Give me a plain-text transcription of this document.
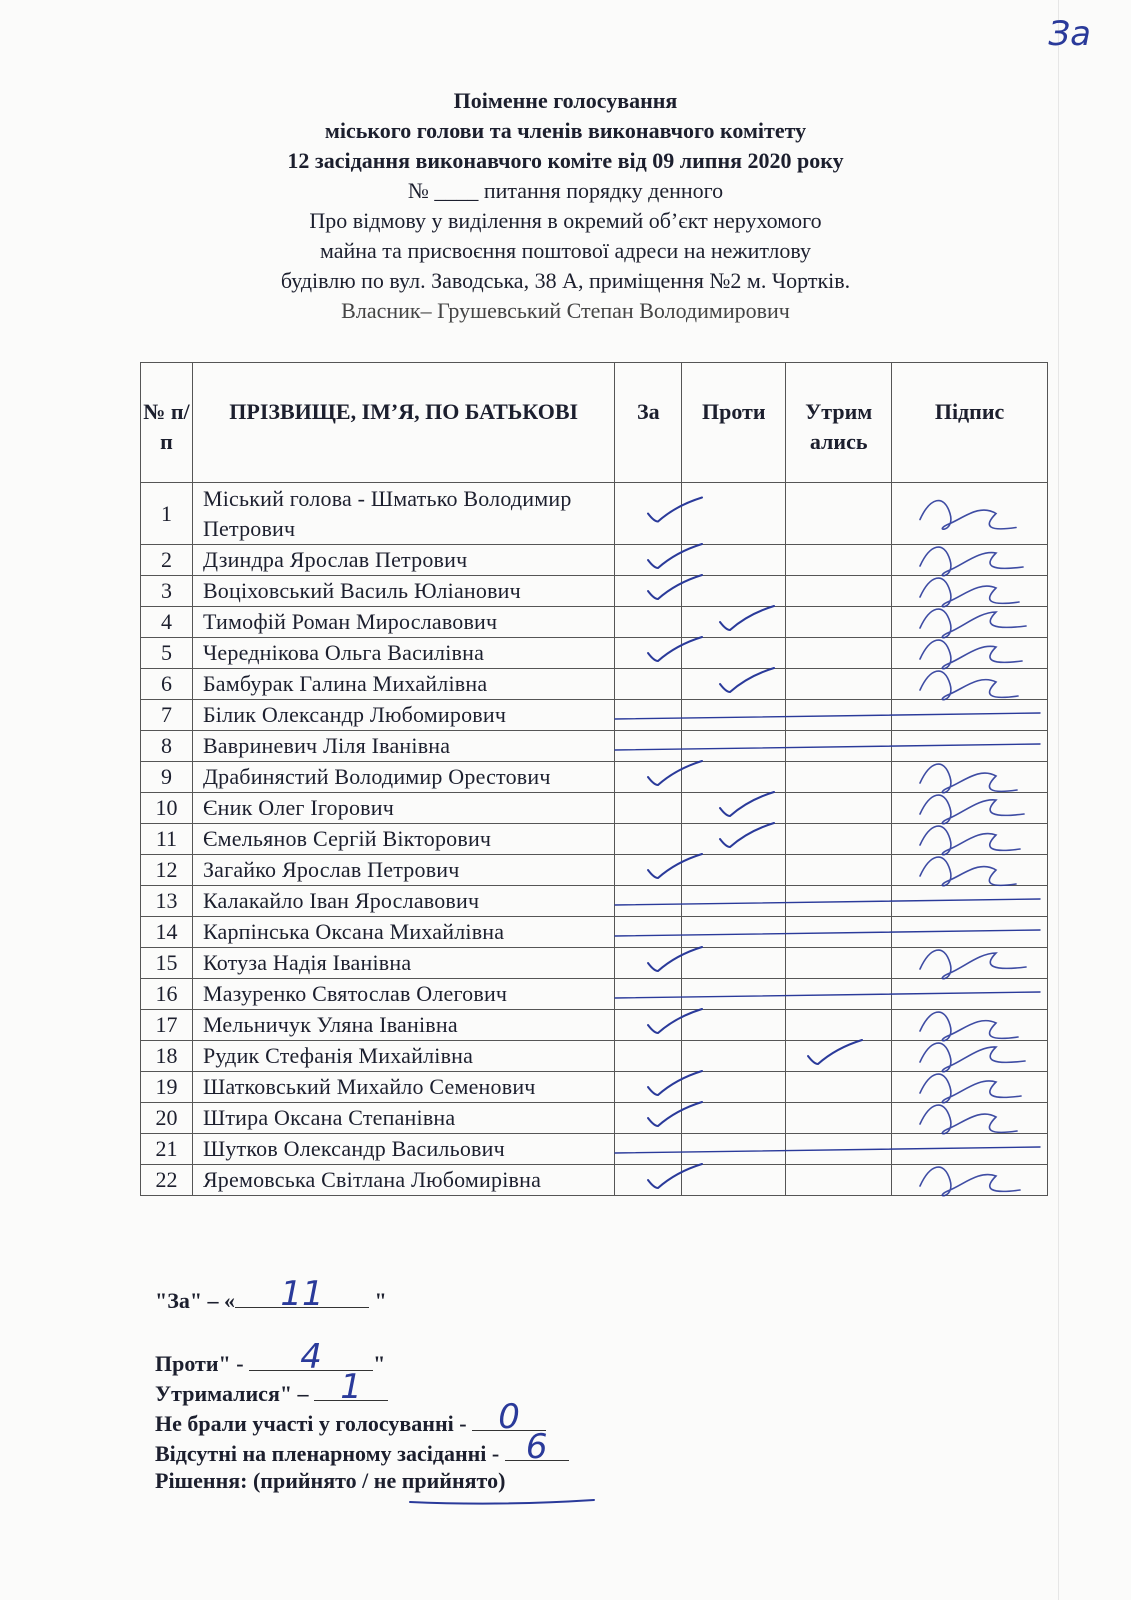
Зa
Поіменне голосування
міського голови та членів виконавчого комітету
12 засідання виконавчого коміте від 09 липня 2020 року
№ ____ питання порядку денного
Про відмову у виділення в окремий об’єкт нерухомого
майна та присвоєння поштової адреси на нежитлову
будівлю по вул. Заводська, 38 А, приміщення №2 м. Чортків.
Власник– Грушевський Степан Володимирович
№ п/п	ПРІЗВИЩЕ, ІМ’Я, ПО БАТЬКОВІ	За	Проти	Утрим ались	Підпис
1	Міський голова - Шматько Володимир Петрович				
2	Дзиндра Ярослав Петрович				
3	Воціховський Василь Юліанович				
4	Тимофій Роман Мирославович				
5	Череднікова Ольга Василівна				
6	Бамбурак Галина Михайлівна				
7	Білик Олександр Любомирович				
8	Вавриневич Ліля Іванівна				
9	Драбинястий Володимир Орестович				
10	Єник Олег Ігорович				
11	Ємельянов Сергій Вікторович				
12	Загайко Ярослав Петрович				
13	Калакайло Іван Ярославович				
14	Карпінська Оксана Михайлівна				
15	Котуза Надія Іванівна				
16	Мазуренко Святослав Олегович				
17	Мельничук Уляна Іванівна				
18	Рудик Стефанія Михайлівна				
19	Шатковський Михайло Семенович				
20	Штира Оксана Степанівна				
21	Шутков Олександр Васильович				
22	Яремовська Світлана Любомирівна				
"За" – «	11	"
Проти" -	4	"
Утрималися" – 1
Не брали участі у голосуванні - 0
Відсутні на пленарному засіданні - 6
Рішення: (прийнято / не прийнято)
